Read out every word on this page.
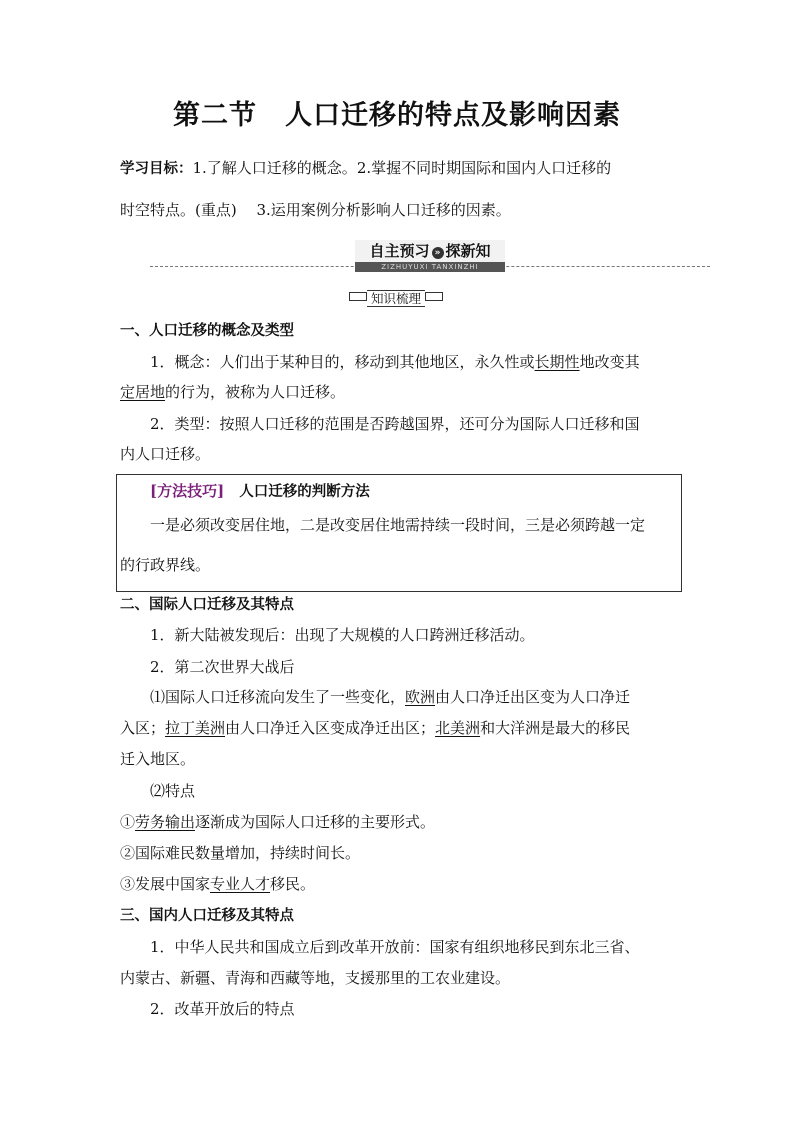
第二节　人口迁移的特点及影响因素
学习目标：1.了解人口迁移的概念。2.掌握不同时期国际和国内人口迁移的
时空特点。(重点)　 3.运用案例分析影响人口迁移的因素。
自主预习 » 探新知
ZIZHUYUXI TANXINZHI
知识梳理
一、人口迁移的概念及类型
1．概念：人们出于某种目的，移动到其他地区，永久性或长期性地改变其
定居地的行为，被称为人口迁移。
2．类型：按照人口迁移的范围是否跨越国界，还可分为国际人口迁移和国
内人口迁移。
[方法技巧]　 人口迁移的判断方法
一是必须改变居住地，二是改变居住地需持续一段时间，三是必须跨越一定
的行政界线。
二、国际人口迁移及其特点
1．新大陆被发现后：出现了大规模的人口跨洲迁移活动。
2．第二次世界大战后
⑴国际人口迁移流向发生了一些变化，欧洲由人口净迁出区变为人口净迁
入区；拉丁美洲由人口净迁入区变成净迁出区；北美洲和大洋洲是最大的移民
迁入地区。
⑵特点
①劳务输出逐渐成为国际人口迁移的主要形式。
②国际难民数量增加，持续时间长。
③发展中国家专业人才移民。
三、国内人口迁移及其特点
1．中华人民共和国成立后到改革开放前：国家有组织地移民到东北三省、
内蒙古、新疆、青海和西藏等地，支援那里的工农业建设。
2．改革开放后的特点
